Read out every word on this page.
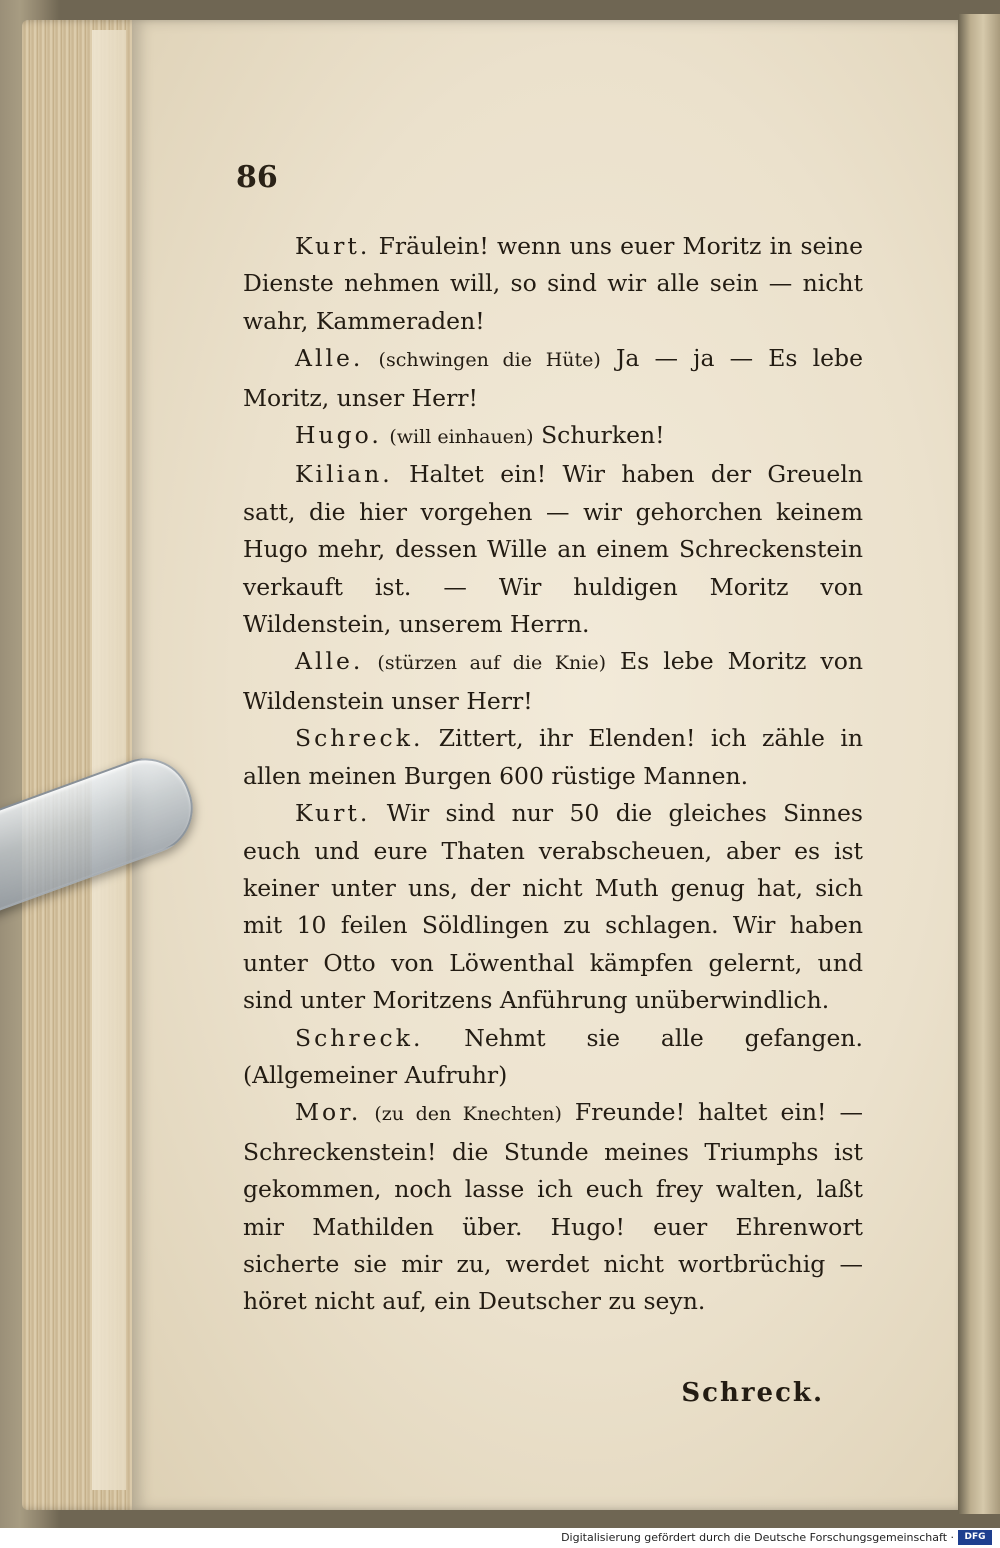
86

Kurt. Fräulein! wenn uns euer Moritz in seine Dienste nehmen will, so sind wir alle sein — nicht wahr, Kammeraden!

Alle. (schwingen die Hüte) Ja — ja — Es lebe Moritz, unser Herr!

Hugo. (will einhauen) Schurken!

Kilian. Haltet ein! Wir haben der Greueln satt, die hier vorgehen — wir gehorchen keinem Hugo mehr, dessen Wille an einem Schreckenstein verkauft ist. — Wir huldigen Moritz von Wildenstein, unserem Herrn.

Alle. (stürzen auf die Knie) Es lebe Moritz von Wildenstein unser Herr!

Schreck. Zittert, ihr Elenden! ich zähle in allen meinen Burgen 600 rüstige Mannen.

Kurt. Wir sind nur 50 die gleiches Sinnes euch und eure Thaten verabscheuen, aber es ist keiner unter uns, der nicht Muth genug hat, sich mit 10 feilen Söldlingen zu schlagen. Wir haben unter Otto von Löwenthal kämpfen gelernt, und sind unter Moritzens Anführung unüberwindlich.

Schreck. Nehmt sie alle gefangen. (Allgemeiner Aufruhr)

Mor. (zu den Knechten) Freunde! haltet ein! — Schreckenstein! die Stunde meines Triumphs ist gekommen, noch lasse ich euch frey walten, laßt mir Mathilden über. Hugo! euer Ehrenwort sicherte sie mir zu, werdet nicht wortbrüchig — höret nicht auf, ein Deutscher zu seyn.

Schreck.
Digitalisierung gefördert durch die Deutsche Forschungsgemeinschaft ·	DFG
